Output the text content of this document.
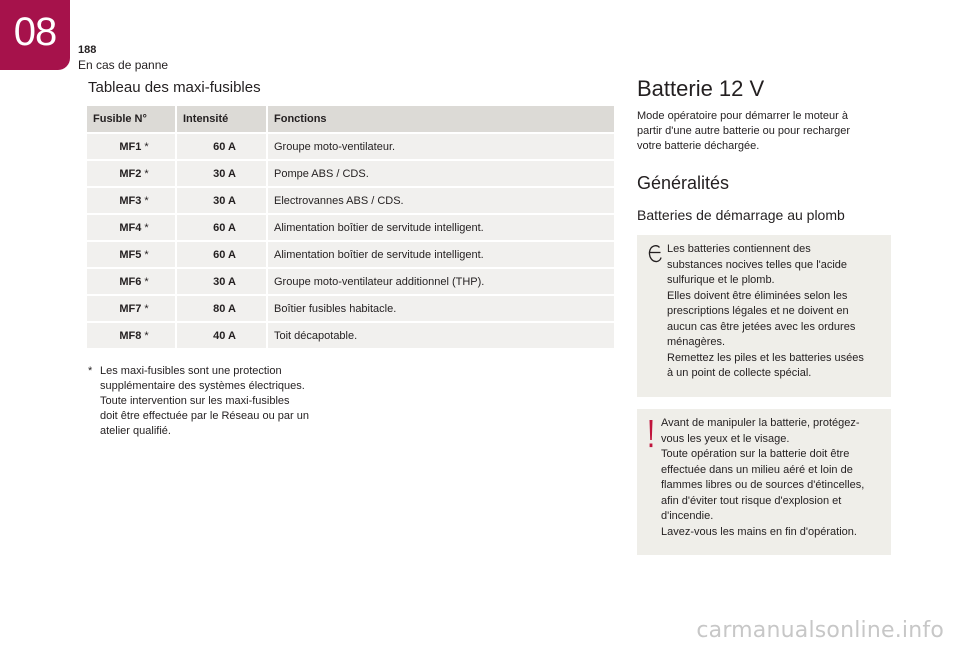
08 188
En cas de panne
Tableau des maxi-fusibles
Fusible N°	Intensité	Fonctions
MF1 *	60 A	Groupe moto-ventilateur.
MF2 *	30 A	Pompe ABS / CDS.
MF3 *	30 A	Electrovannes ABS / CDS.
MF4 *	60 A	Alimentation boîtier de servitude intelligent.
MF5 *	60 A	Alimentation boîtier de servitude intelligent.
MF6 *	30 A	Groupe moto-ventilateur additionnel (THP).
MF7 *	80 A	Boîtier fusibles habitacle.
MF8 *	40 A	Toit décapotable.
* Les maxi-fusibles sont une protection
supplémentaire des systèmes électriques.
Toute intervention sur les maxi-fusibles
doit être effectuée par le Réseau ou par un
atelier qualifié.
Batterie 12 V
Mode opératoire pour démarrer le moteur à
partir d'une autre batterie ou pour recharger
votre batterie déchargée.
Généralités
Batteries de démarrage au plomb
Les batteries contiennent des
substances nocives telles que l'acide
sulfurique et le plomb.
Elles doivent être éliminées selon les
prescriptions légales et ne doivent en
aucun cas être jetées avec les ordures
ménagères.
Remettez les piles et les batteries usées
à un point de collecte spécial.
Avant de manipuler la batterie, protégez-
vous les yeux et le visage.
Toute opération sur la batterie doit être
effectuée dans un milieu aéré et loin de
flammes libres ou de sources d'étincelles,
afin d'éviter tout risque d'explosion et
d'incendie.
Lavez-vous les mains en fin d'opération.
carmanualsonline.info
